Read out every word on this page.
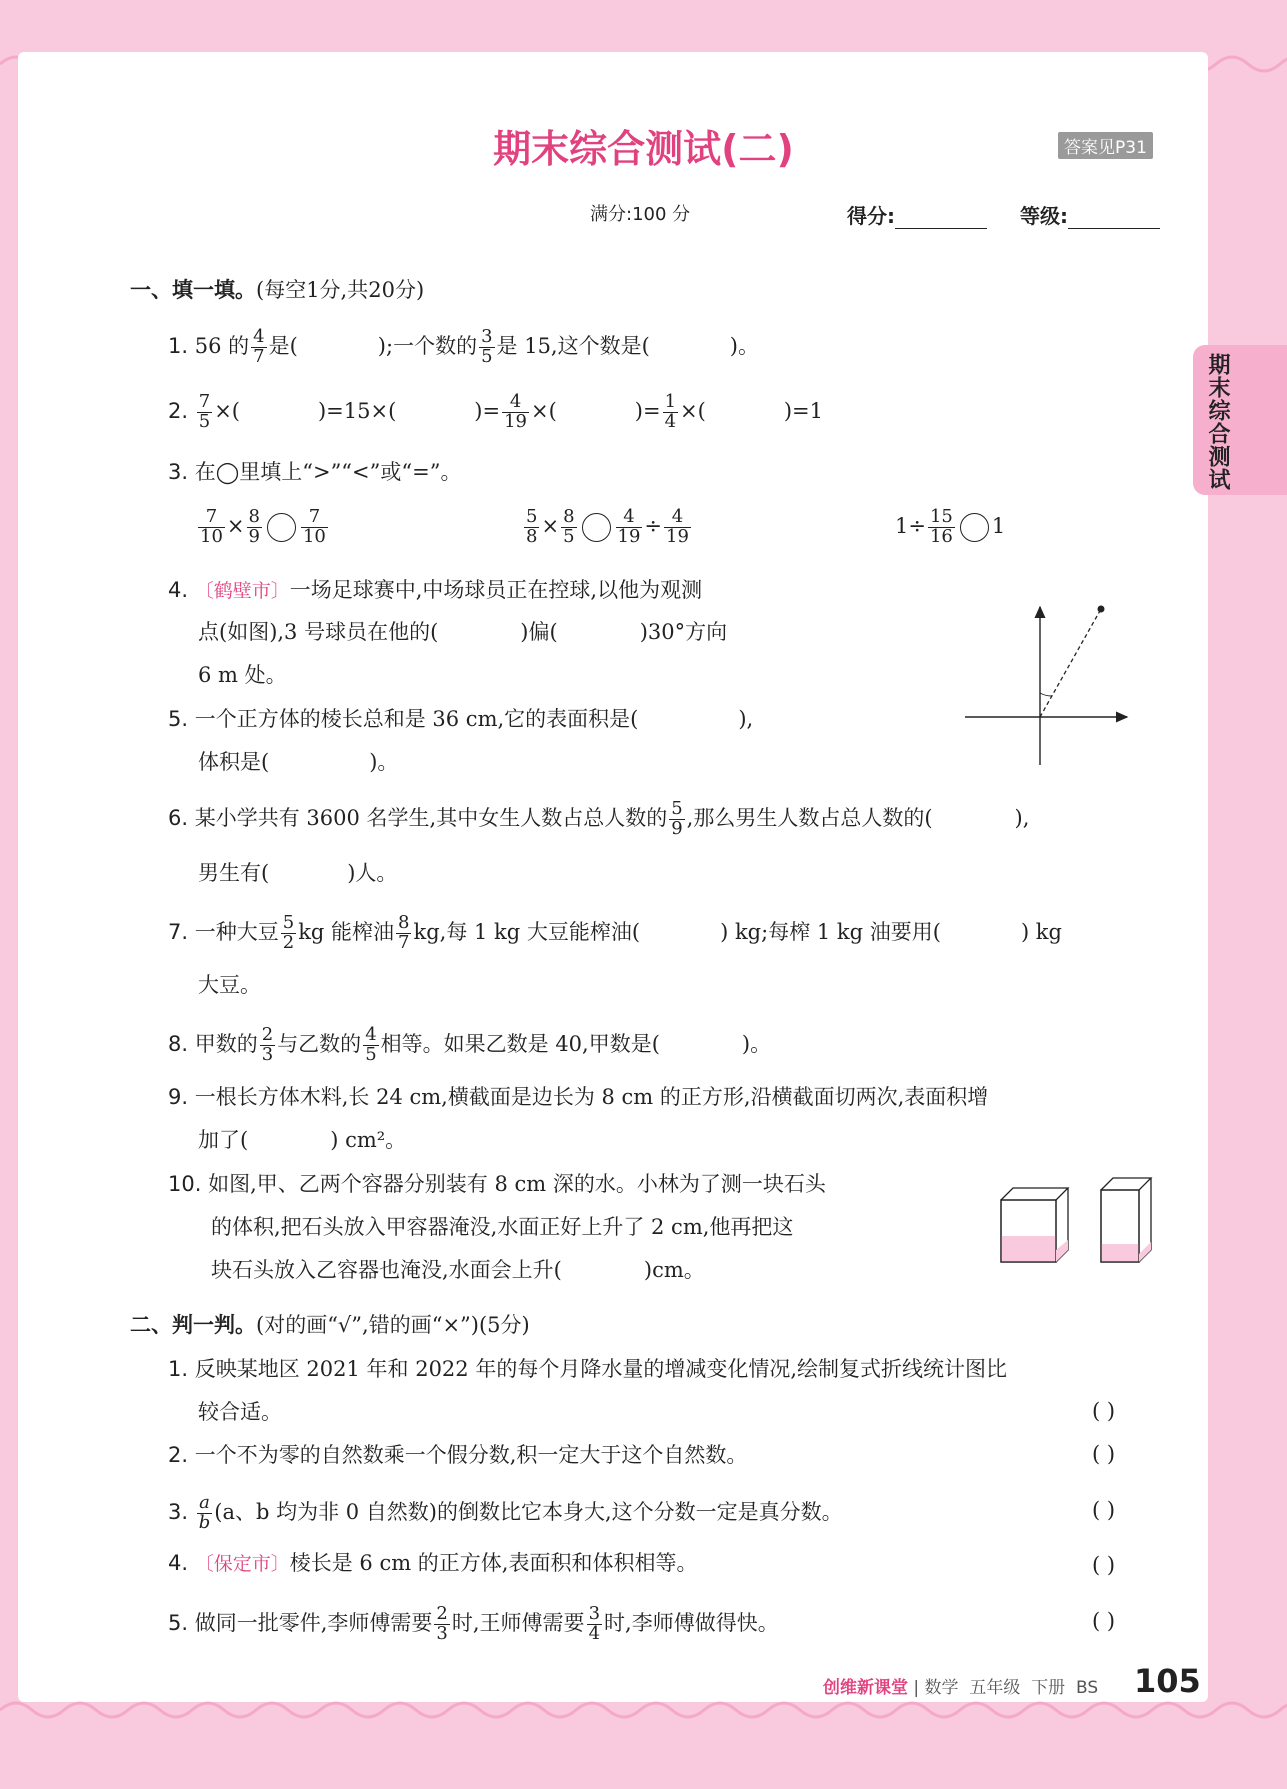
期末综合测试
期末综合测试(二)	答案见P31
满分:100 分	得分:	等级:
一、填一填。(每空1分,共20分)
1. 56 的 $\frac{4}{7}$ 是(	);一个数的 $\frac{3}{5}$ 是 15,这个数是(	)。
2. $\frac{7}{5}$ ×(	)=15×(	)= $\frac{4}{19}$ ×(	)= $\frac{1}{4}$ ×(	)=1
3. 在◯里填上“>”“<”或“=”。
$\frac{7}{10} \times \frac{8}{9} \frac{7}{10}$	$\frac{5}{8} \times \frac{8}{5} \frac{4}{19} \div \frac{4}{19}$	$1\div \frac{15}{16} 1$
4. 〔鹤壁市〕一场足球赛中,中场球员正在控球,以他为观测
点(如图),3 号球员在他的(	)偏(	)30°方向
6 m 处。
5. 一个正方体的棱长总和是 36 cm,它的表面积是(	),
体积是(	)。
6. 某小学共有 3600 名学生,其中女生人数占总人数的 $\frac{5}{9}$ ,那么男生人数占总人数的(	),
男生有(	)人。
7. 一种大豆 $\frac{5}{2}$ kg 能榨油 $\frac{8}{7}$ kg,每 1 kg 大豆能榨油(	) kg;每榨 1 kg 油要用(	) kg
大豆。
8. 甲数的 $\frac{2}{3}$ 与乙数的 $\frac{4}{5}$ 相等。如果乙数是 40,甲数是(	)。
9. 一根长方体木料,长 24 cm,横截面是边长为 8 cm 的正方形,沿横截面切两次,表面积增
加了(	) cm²。
10. 如图,甲、乙两个容器分别装有 8 cm 深的水。小林为了测一块石头
的体积,把石头放入甲容器淹没,水面正好上升了 2 cm,他再把这
块石头放入乙容器也淹没,水面会上升(	)cm。
二、判一判。(对的画“√”,错的画“×”)(5分)
1. 反映某地区 2021 年和 2022 年的每个月降水量的增减变化情况,绘制复式折线统计图比
较合适。	( )
2. 一个不为零的自然数乘一个假分数,积一定大于这个自然数。	( )
3. $\frac{a}{b} (a$、b 均为非 0 自然数)的倒数比它本身大,这个分数一定是真分数。	( )
4. 〔保定市〕棱长是 6 cm 的正方体,表面积和体积相等。	( )
5. 做同一批零件,李师傅需要 $\frac{2}{3}$ 时,王师傅需要 $\frac{3}{4}$ 时,李师傅做得快。	( )
创维新课堂 | 数学 五年级 下册 BS 105
